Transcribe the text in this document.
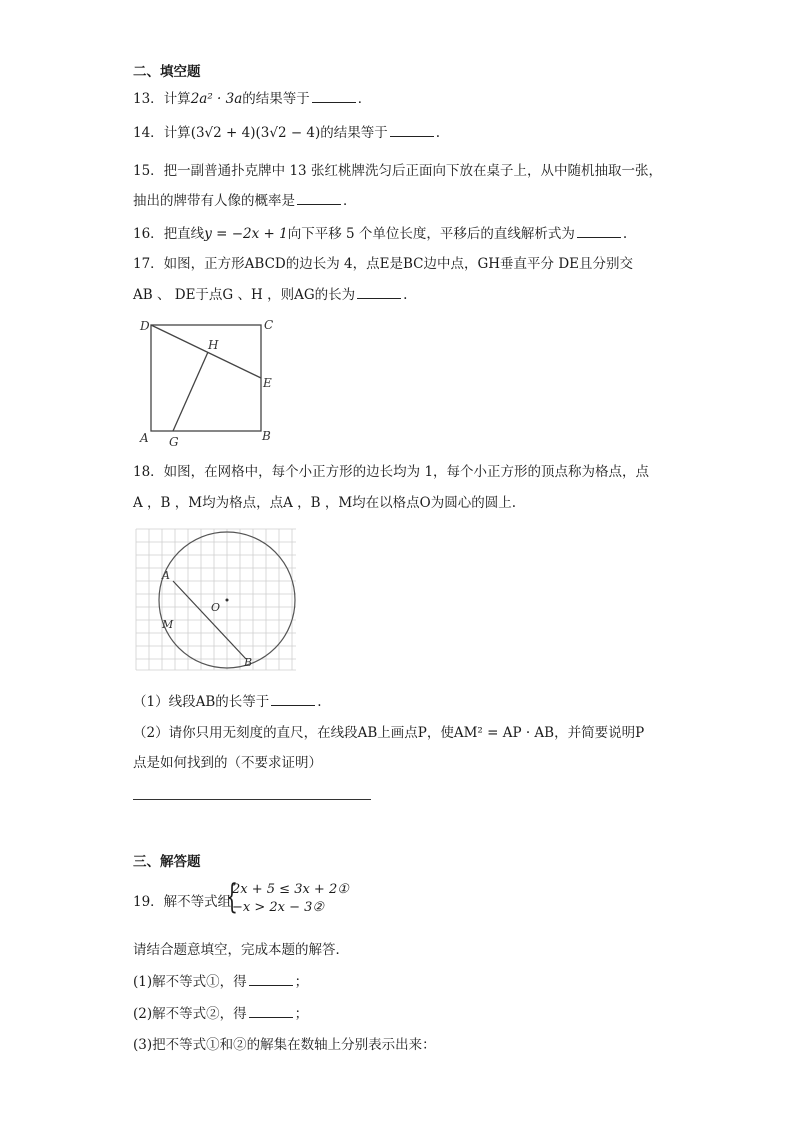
二、填空题
13．计算2a² · 3a的结果等于	．
14．计算(3√2 + 4)(3√2 − 4)的结果等于	.
15．把一副普通扑克牌中 13 张红桃牌洗匀后正面向下放在桌子上，从中随机抽取一张，
抽出的牌带有人像的概率是	．
16．把直线y = −2x + 1向下平移 5 个单位长度，平移后的直线解析式为	.
17．如图，正方形ABCD的边长为 4，点E是BC边中点，GH垂直平分 DE且分别交
AB 、 DE于点G 、H ，则AG的长为	.
D	C
H
E
A G	B
18．如图，在网格中，每个小正方形的边长均为 1，每个小正方形的顶点称为格点，点
A ，B ，M均为格点，点A ，B ，M均在以格点O为圆心的圆上.
A
O
M
B
（1）线段AB的长等于	.
（2）请你只用无刻度的直尺，在线段AB上画点P，使AM² = AP · AB，并简要说明P
点是如何找到的（不要求证明）
三、解答题
19．解不等式组
{
2x + 5 ≤ 3x + 2①
−x > 2x − 3②
请结合题意填空，完成本题的解答．
(1)解不等式①，得	；
(2)解不等式②，得	；
(3)把不等式①和②的解集在数轴上分别表示出来：
